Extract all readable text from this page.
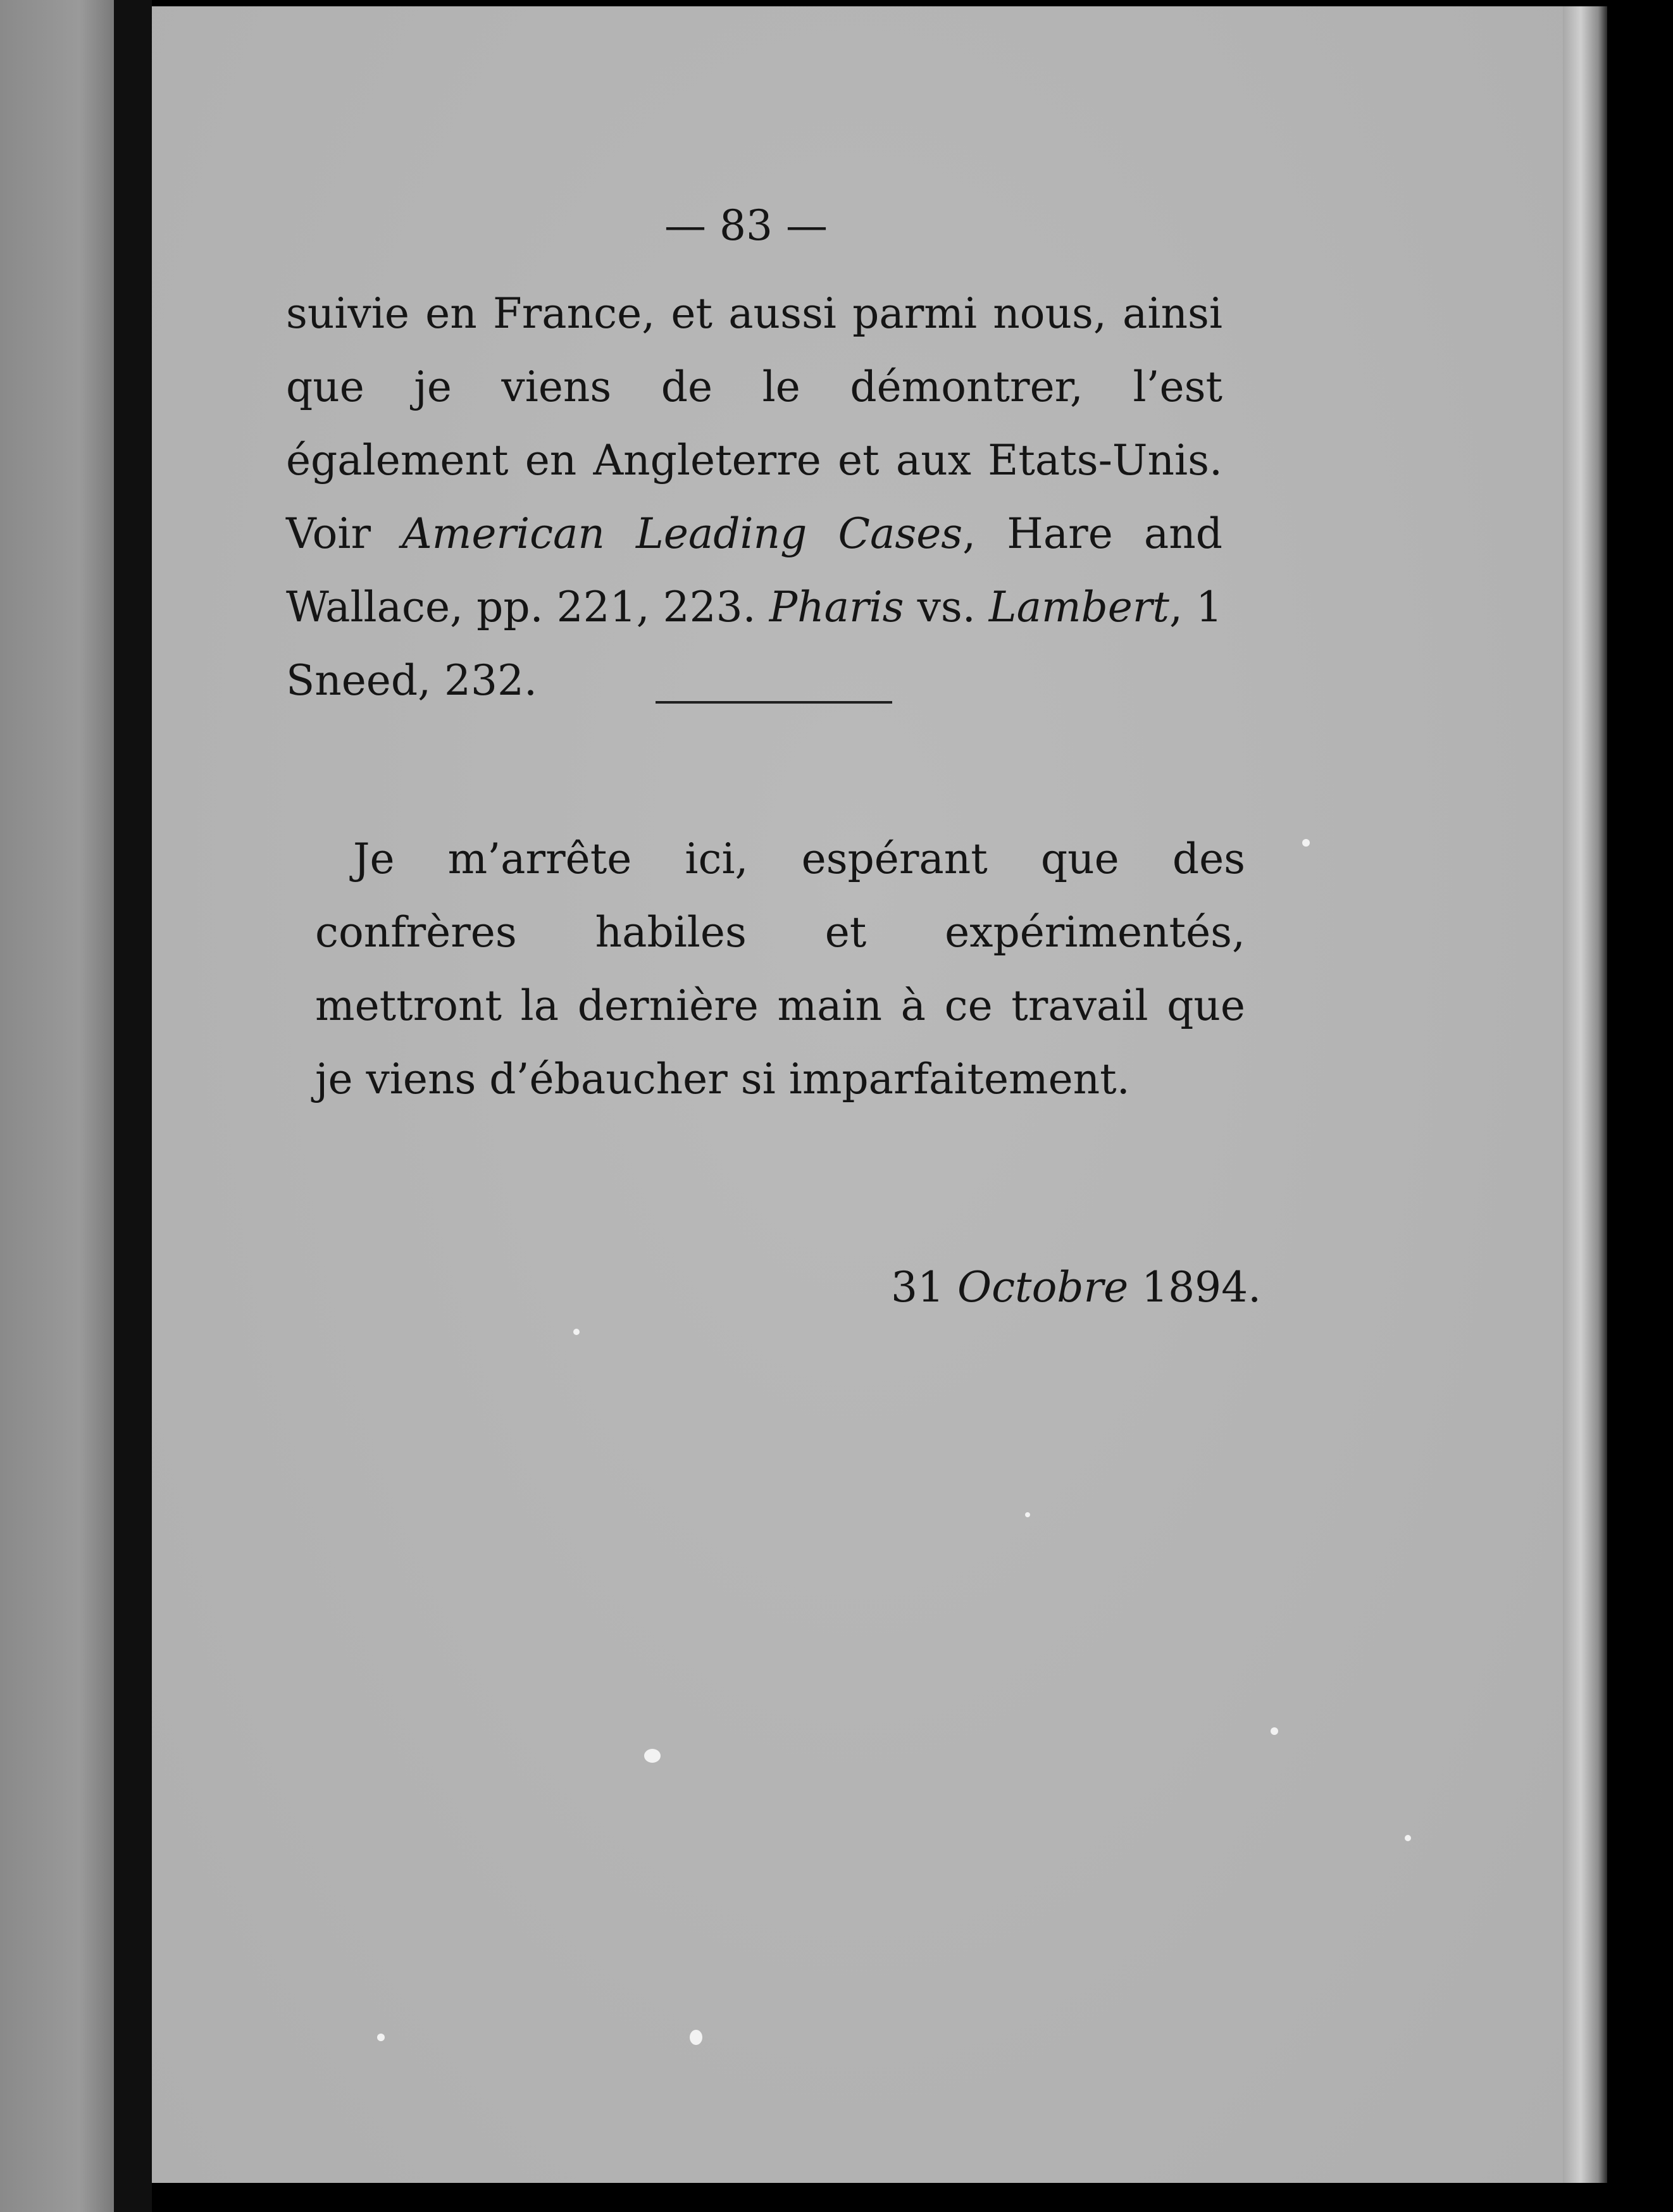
— 83 —

suivie en France, et aussi parmi nous, ainsi que je viens de le démontrer, l’est également en Angleterre et aux Etats-Unis. Voir American Leading Cases, Hare and Wallace, pp. 221, 223. Pharis vs. Lambert, 1 Sneed, 232.

Je m’arrête ici, espérant que des confrères habiles et expérimentés, mettront la dernière main à ce travail que je viens d’ébaucher si imparfaitement.

31 Octobre 1894.
